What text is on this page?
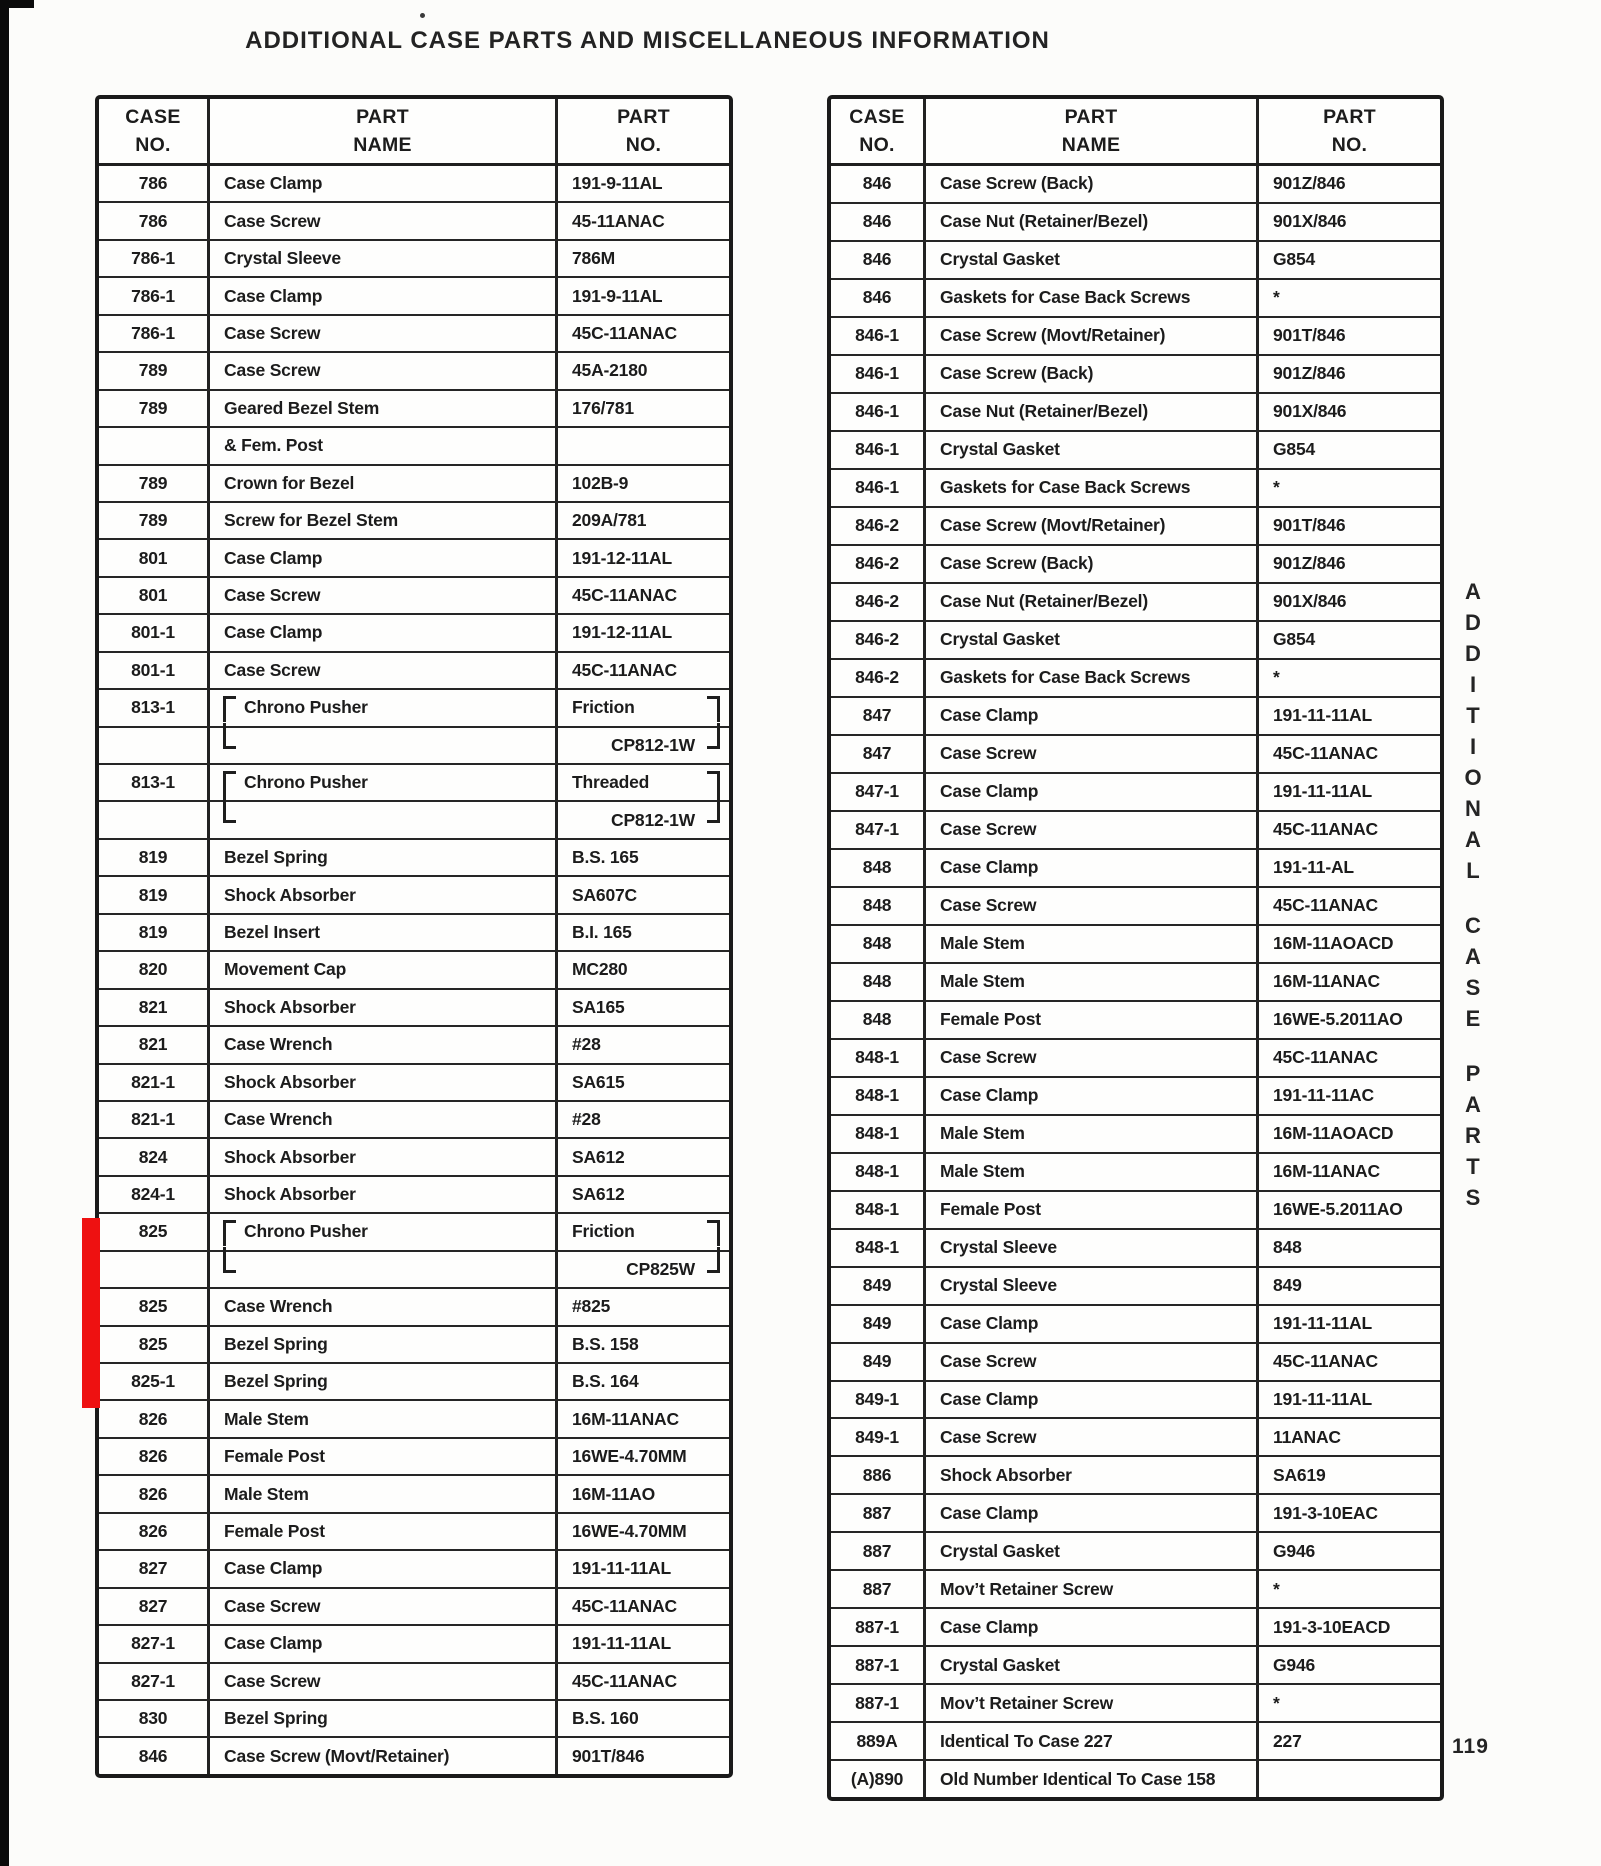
ADDITIONAL CASE PARTS AND MISCELLANEOUS INFORMATION
CASE
NO.
PART
NAME
PART
NO.
786	Case Clamp	191-9-11AL
786	Case Screw	45-11ANAC
786-1	Crystal Sleeve	786M
786-1	Case Clamp	191-9-11AL
786-1	Case Screw	45C-11ANAC
789	Case Screw	45A-2180
789	Geared Bezel Stem	176/781
& Fem. Post
789	Crown for Bezel	102B-9
789	Screw for Bezel Stem	209A/781
801	Case Clamp	191-12-11AL
801	Case Screw	45C-11ANAC
801-1	Case Clamp	191-12-11AL
801-1	Case Screw	45C-11ANAC
813-1	Chrono Pusher	Friction
CP812-1W
813-1	Chrono Pusher	Threaded
CP812-1W
819	Bezel Spring	B.S. 165
819	Shock Absorber	SA607C
819	Bezel Insert	B.I. 165
820	Movement Cap	MC280
821	Shock Absorber	SA165
821	Case Wrench	#28
821-1	Shock Absorber	SA615
821-1	Case Wrench	#28
824	Shock Absorber	SA612
824-1	Shock Absorber	SA612
825	Chrono Pusher	Friction
CP825W
825	Case Wrench	#825
825	Bezel Spring	B.S. 158
825-1	Bezel Spring	B.S. 164
826	Male Stem	16M-11ANAC
826	Female Post	16WE-4.70MM
826	Male Stem	16M-11AO
826	Female Post	16WE-4.70MM
827	Case Clamp	191-11-11AL
827	Case Screw	45C-11ANAC
827-1	Case Clamp	191-11-11AL
827-1	Case Screw	45C-11ANAC
830	Bezel Spring	B.S. 160
846	Case Screw (Movt/Retainer)	901T/846
CASE
NO.
PART
NAME
PART
NO.
846	Case Screw (Back)	901Z/846
846	Case Nut (Retainer/Bezel)	901X/846
846	Crystal Gasket	G854
846	Gaskets for Case Back Screws	*
846-1	Case Screw (Movt/Retainer)	901T/846
846-1	Case Screw (Back)	901Z/846
846-1	Case Nut (Retainer/Bezel)	901X/846
846-1	Crystal Gasket	G854
846-1	Gaskets for Case Back Screws	*
846-2	Case Screw (Movt/Retainer)	901T/846
846-2	Case Screw (Back)	901Z/846
846-2	Case Nut (Retainer/Bezel)	901X/846
846-2	Crystal Gasket	G854
846-2	Gaskets for Case Back Screws	*
847	Case Clamp	191-11-11AL
847	Case Screw	45C-11ANAC
847-1	Case Clamp	191-11-11AL
847-1	Case Screw	45C-11ANAC
848	Case Clamp	191-11-AL
848	Case Screw	45C-11ANAC
848	Male Stem	16M-11AOACD
848	Male Stem	16M-11ANAC
848	Female Post	16WE-5.2011AO
848-1	Case Screw	45C-11ANAC
848-1	Case Clamp	191-11-11AC
848-1	Male Stem	16M-11AOACD
848-1	Male Stem	16M-11ANAC
848-1	Female Post	16WE-5.2011AO
848-1	Crystal Sleeve	848
849	Crystal Sleeve	849
849	Case Clamp	191-11-11AL
849	Case Screw	45C-11ANAC
849-1	Case Clamp	191-11-11AL
849-1	Case Screw	11ANAC
886	Shock Absorber	SA619
887	Case Clamp	191-3-10EAC
887	Crystal Gasket	G946
887	Mov’t Retainer Screw	*
887-1	Case Clamp	191-3-10EACD
887-1	Crystal Gasket	G946
887-1	Mov’t Retainer Screw	*
889A	Identical To Case 227	227
(A)890	Old Number Identical To Case 158
A
D
D
I
T
I
O
N
A
L
C
A
S
E
P
A
R
T
S
119
